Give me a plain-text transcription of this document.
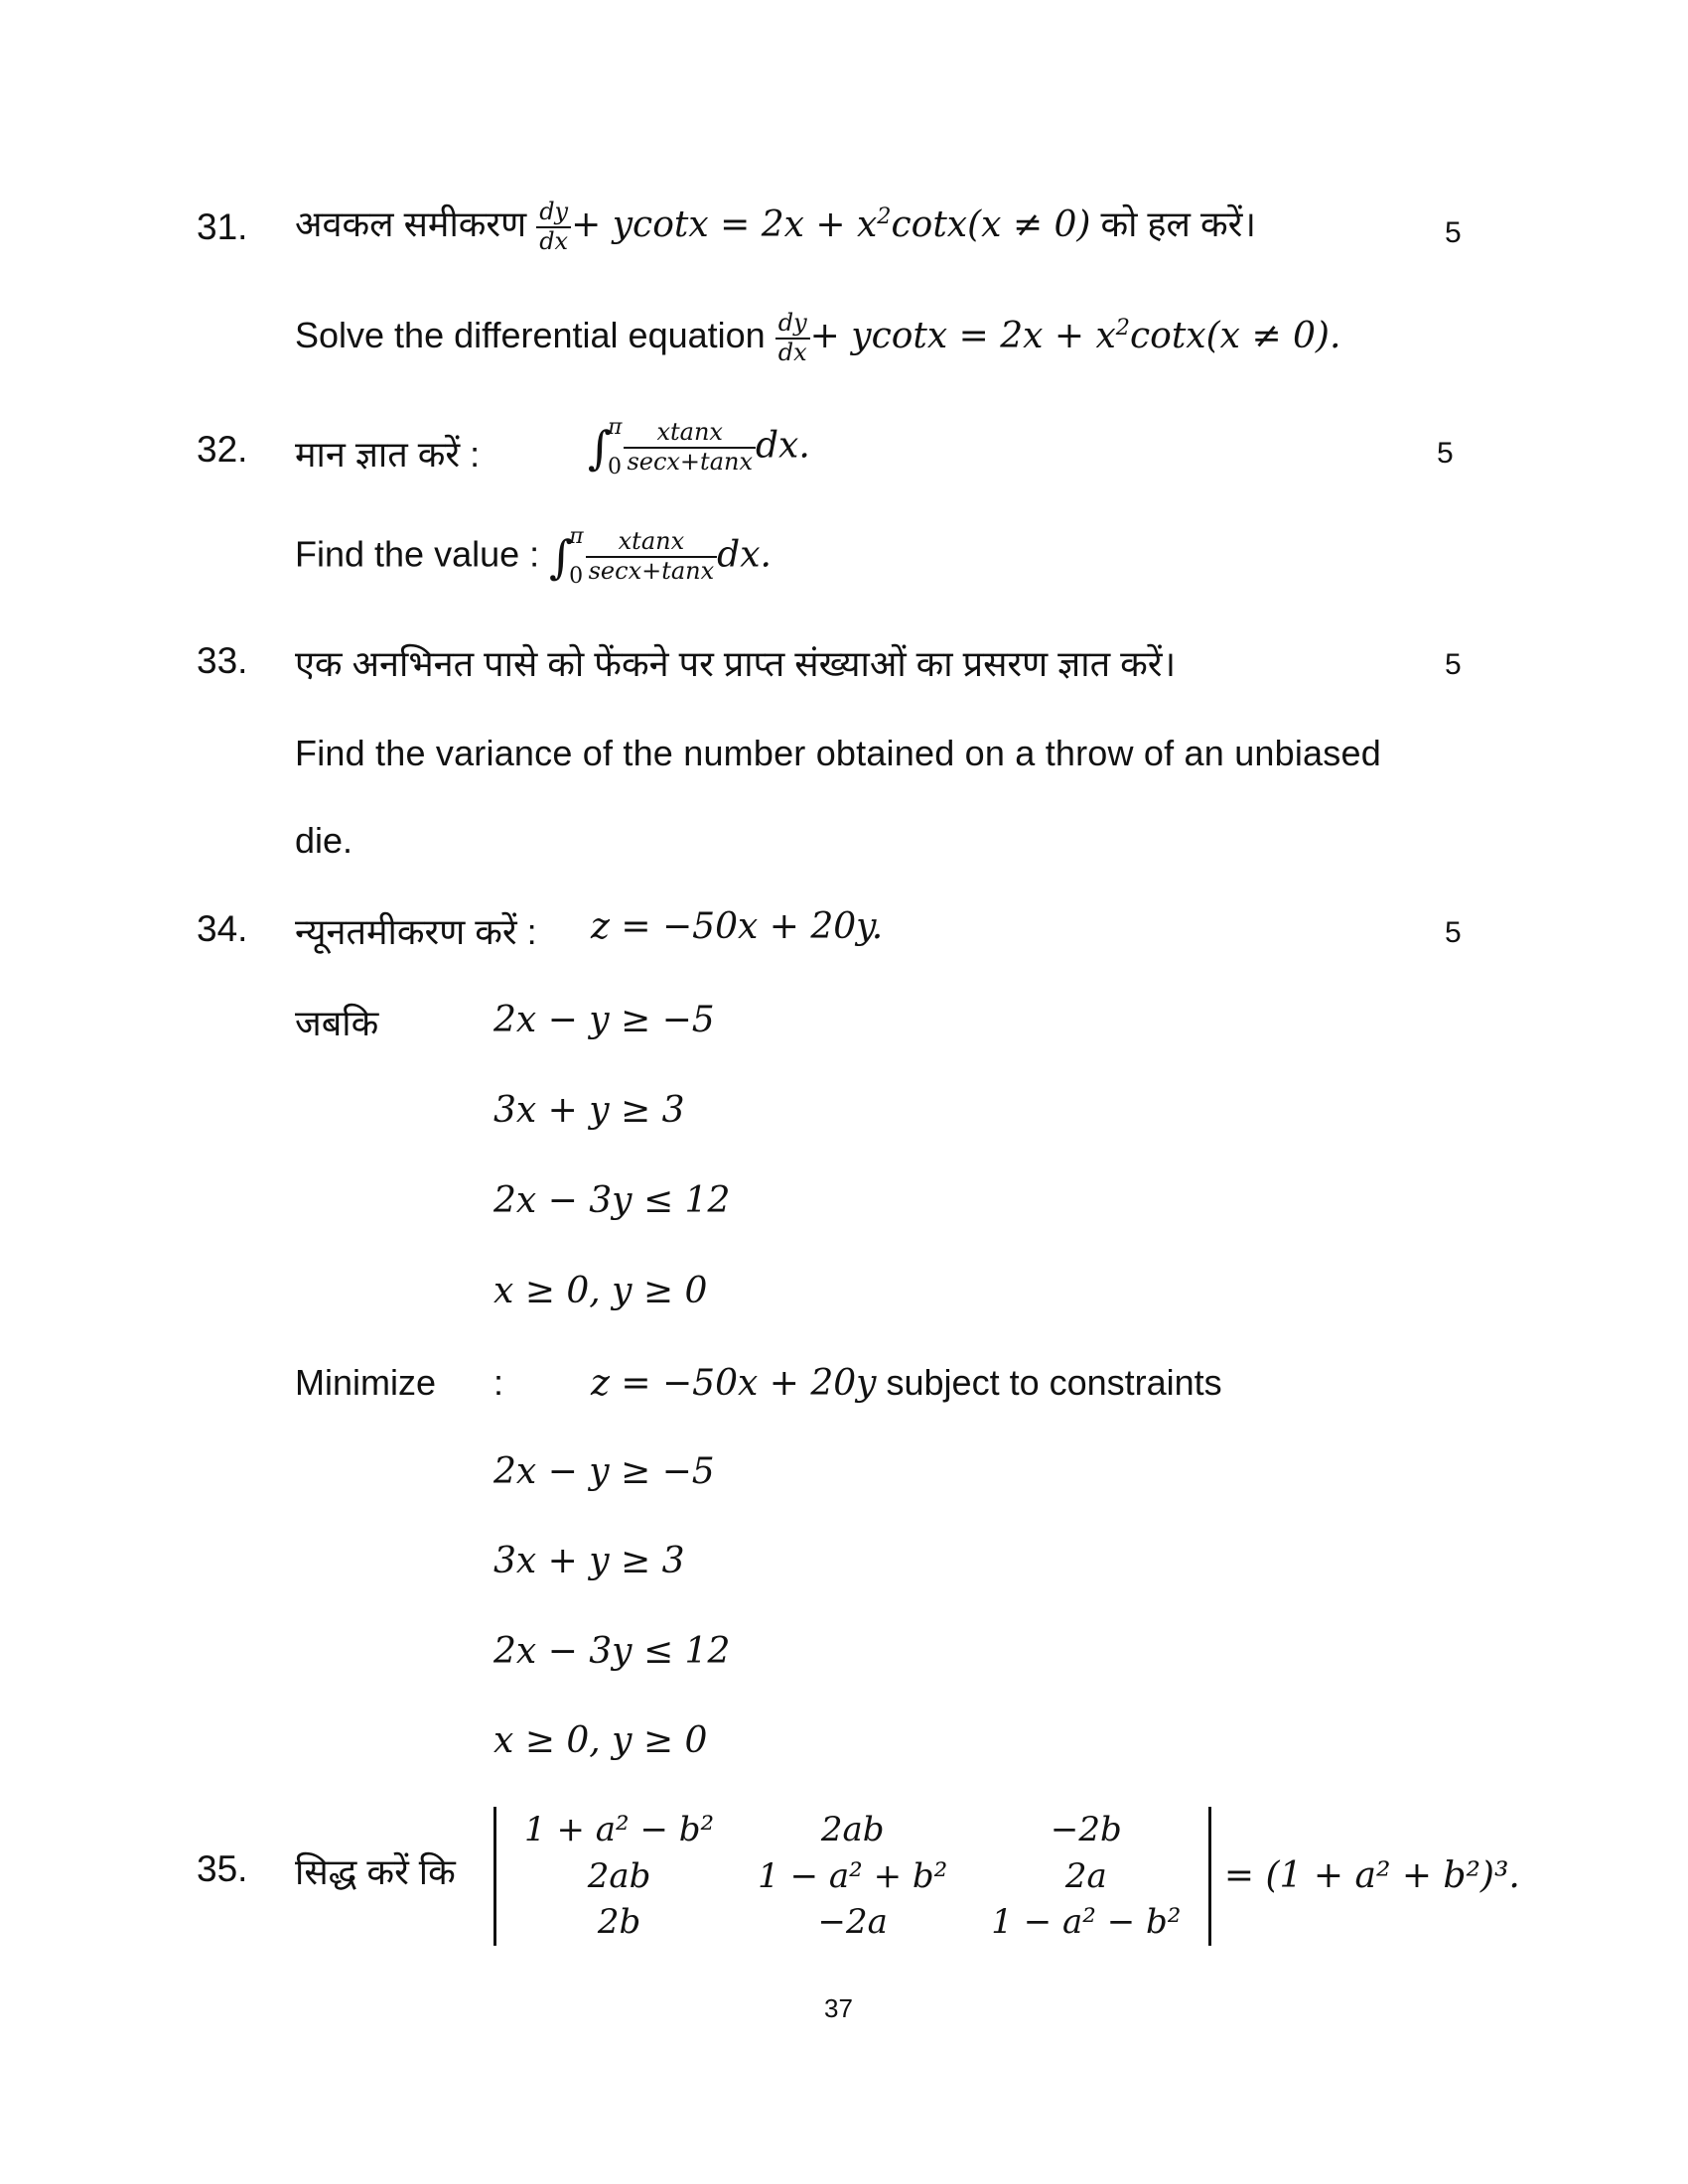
31. अवकल समीकरण $\frac{dy}{dx} + ycotx = 2x + x^2\cot x(x \ne 0)$ को हल करें।	5
Solve the differential equation $\frac{dy}{dx} + ycotx = 2x + x^2\cot x(x \ne 0)$.
32. मान ज्ञात करें : ∫
π
$0 \frac{xtanx}{\sec x+\tan x}$ dx.	5
Find the value : ∫
π
$0 \frac{xtanx}{\sec x+\tan x}$ dx.
33. एक अनभिनत पासे को फेंकने पर प्राप्त संख्याओं का प्रसरण ज्ञात करें।	5
Find the variance of the number obtained on a throw of an unbiased
die.
34. न्यूनतमीकरण करें : z = −50x + 20y.	5
जबकि	2x − y ≥ −5
3x + y ≥ 3
2x − 3y ≤ 12
x ≥ 0, y ≥ 0
Minimize : z = −50x + 20y subject to constraints
2x − y ≥ −5
3x + y ≥ 3
2x − 3y ≤ 12
x ≥ 0, y ≥ 0
35. सिद्ध करें कि
1 + a² − b²	2ab	−2b
2ab	1 − a² + b²	2a
2b	−2a	1 − a² − b²
= (1 + a² + b²)³.
37
